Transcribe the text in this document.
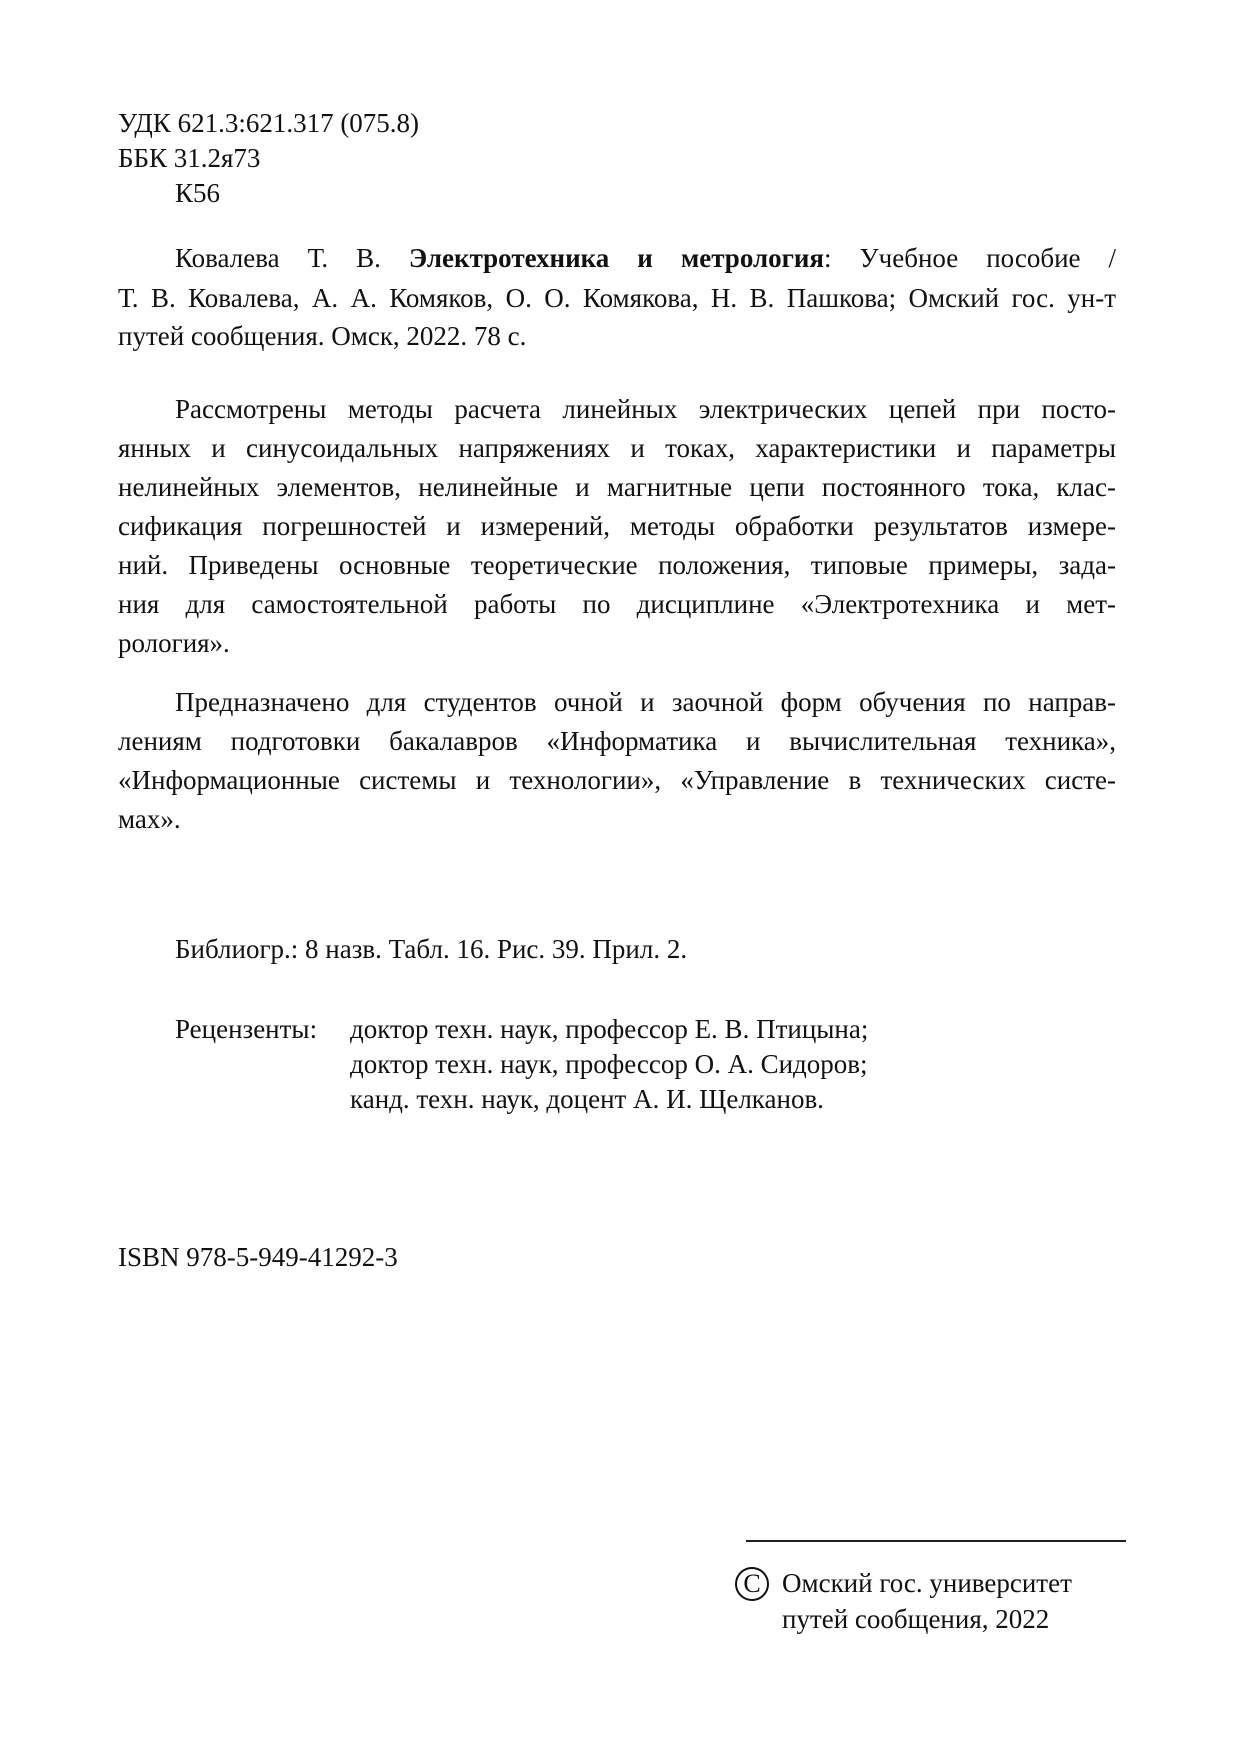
УДК 621.3:621.317 (075.8)
ББК 31.2я73
К56
Ковалева Т. В. Электротехника и метрология: Учебное пособие /
Т. В. Ковалева, А. А. Комяков, О. О. Комякова, Н. В. Пашкова; Омский гос. ун-т
путей сообщения. Омск, 2022. 78 с.
Рассмотрены методы расчета линейных электрических цепей при посто-
янных и синусоидальных напряжениях и токах, характеристики и параметры
нелинейных элементов, нелинейные и магнитные цепи постоянного тока, клас-
сификация погрешностей и измерений, методы обработки результатов измере-
ний. Приведены основные теоретические положения, типовые примеры, зада-
ния для самостоятельной работы по дисциплине «Электротехника и мет-
рология».
Предназначено для студентов очной и заочной форм обучения по направ-
лениям подготовки бакалавров «Информатика и вычислительная техника»,
«Информационные системы и технологии», «Управление в технических систе-
мах».
Библиогр.: 8 назв. Табл. 16. Рис. 39. Прил. 2.
Рецензенты: доктор техн. наук, профессор Е. В. Птицына;
доктор техн. наук, профессор О. А. Сидоров;
канд. техн. наук, доцент А. И. Щелканов.
ISBN 978-5-949-41292-3
C Омский гос. университет
путей сообщения, 2022
